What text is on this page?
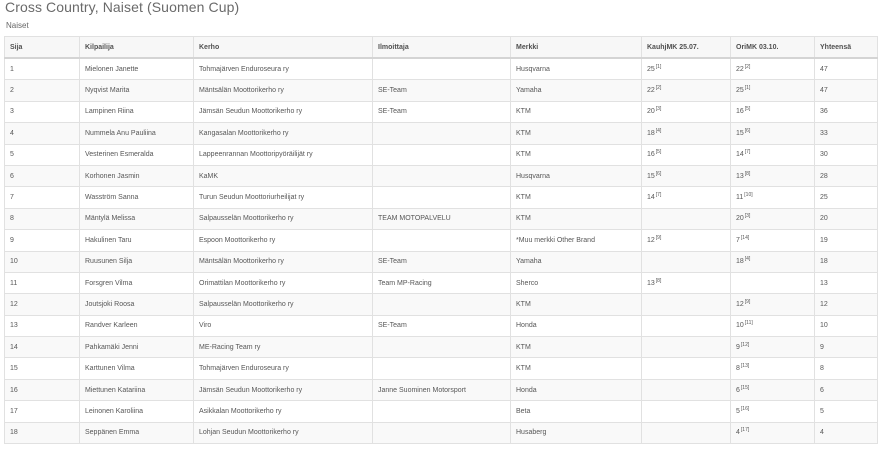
Cross Country, Naiset (Suomen Cup)
Naiset
Sija	Kilpailija	Kerho	Ilmoittaja	Merkki	KauhjMK 25.07.	OriMK 03.10.	Yhteensä
1	Mielonen Janette	Tohmajärven Enduroseura ry		Husqvarna	25[1]	22[2]	47
2	Nyqvist Marita	Mäntsälän Moottorikerho ry	SE-Team	Yamaha	22[2]	25[1]	47
3	Lampinen Riina	Jämsän Seudun Moottorikerho ry	SE-Team	KTM	20[3]	16[5]	36
4	Nummela Anu Pauliina	Kangasalan Moottorikerho ry		KTM	18[4]	15[6]	33
5	Vesterinen Esmeralda	Lappeenrannan Moottoripyöräilijät ry		KTM	16[5]	14[7]	30
6	Korhonen Jasmin	KaMK		Husqvarna	15[6]	13[8]	28
7	Wasström Sanna	Turun Seudun Moottoriurheilijat ry		KTM	14[7]	11[10]	25
8	Mäntylä Melissa	Salpausselän Moottorikerho ry	TEAM MOTOPALVELU	KTM		20[3]	20
9	Hakulinen Taru	Espoon Moottorikerho ry		*Muu merkki Other Brand	12[9]	7[14]	19
10	Ruusunen Silja	Mäntsälän Moottorikerho ry	SE-Team	Yamaha		18[4]	18
11	Forsgren Vilma	Orimattilan Moottorikerho ry	Team MP-Racing	Sherco	13[8]		13
12	Joutsjoki Roosa	Salpausselän Moottorikerho ry		KTM		12[9]	12
13	Randver Karleen	Viro	SE-Team	Honda		10[11]	10
14	Pahkamäki Jenni	ME-Racing Team ry		KTM		9[12]	9
15	Karttunen Vilma	Tohmajärven Enduroseura ry		KTM		8[13]	8
16	Miettunen Katariina	Jämsän Seudun Moottorikerho ry	Janne Suominen Motorsport	Honda		6[15]	6
17	Leinonen Karoliina	Asikkalan Moottorikerho ry		Beta		5[16]	5
18	Seppänen Emma	Lohjan Seudun Moottorikerho ry		Husaberg		4[17]	4
